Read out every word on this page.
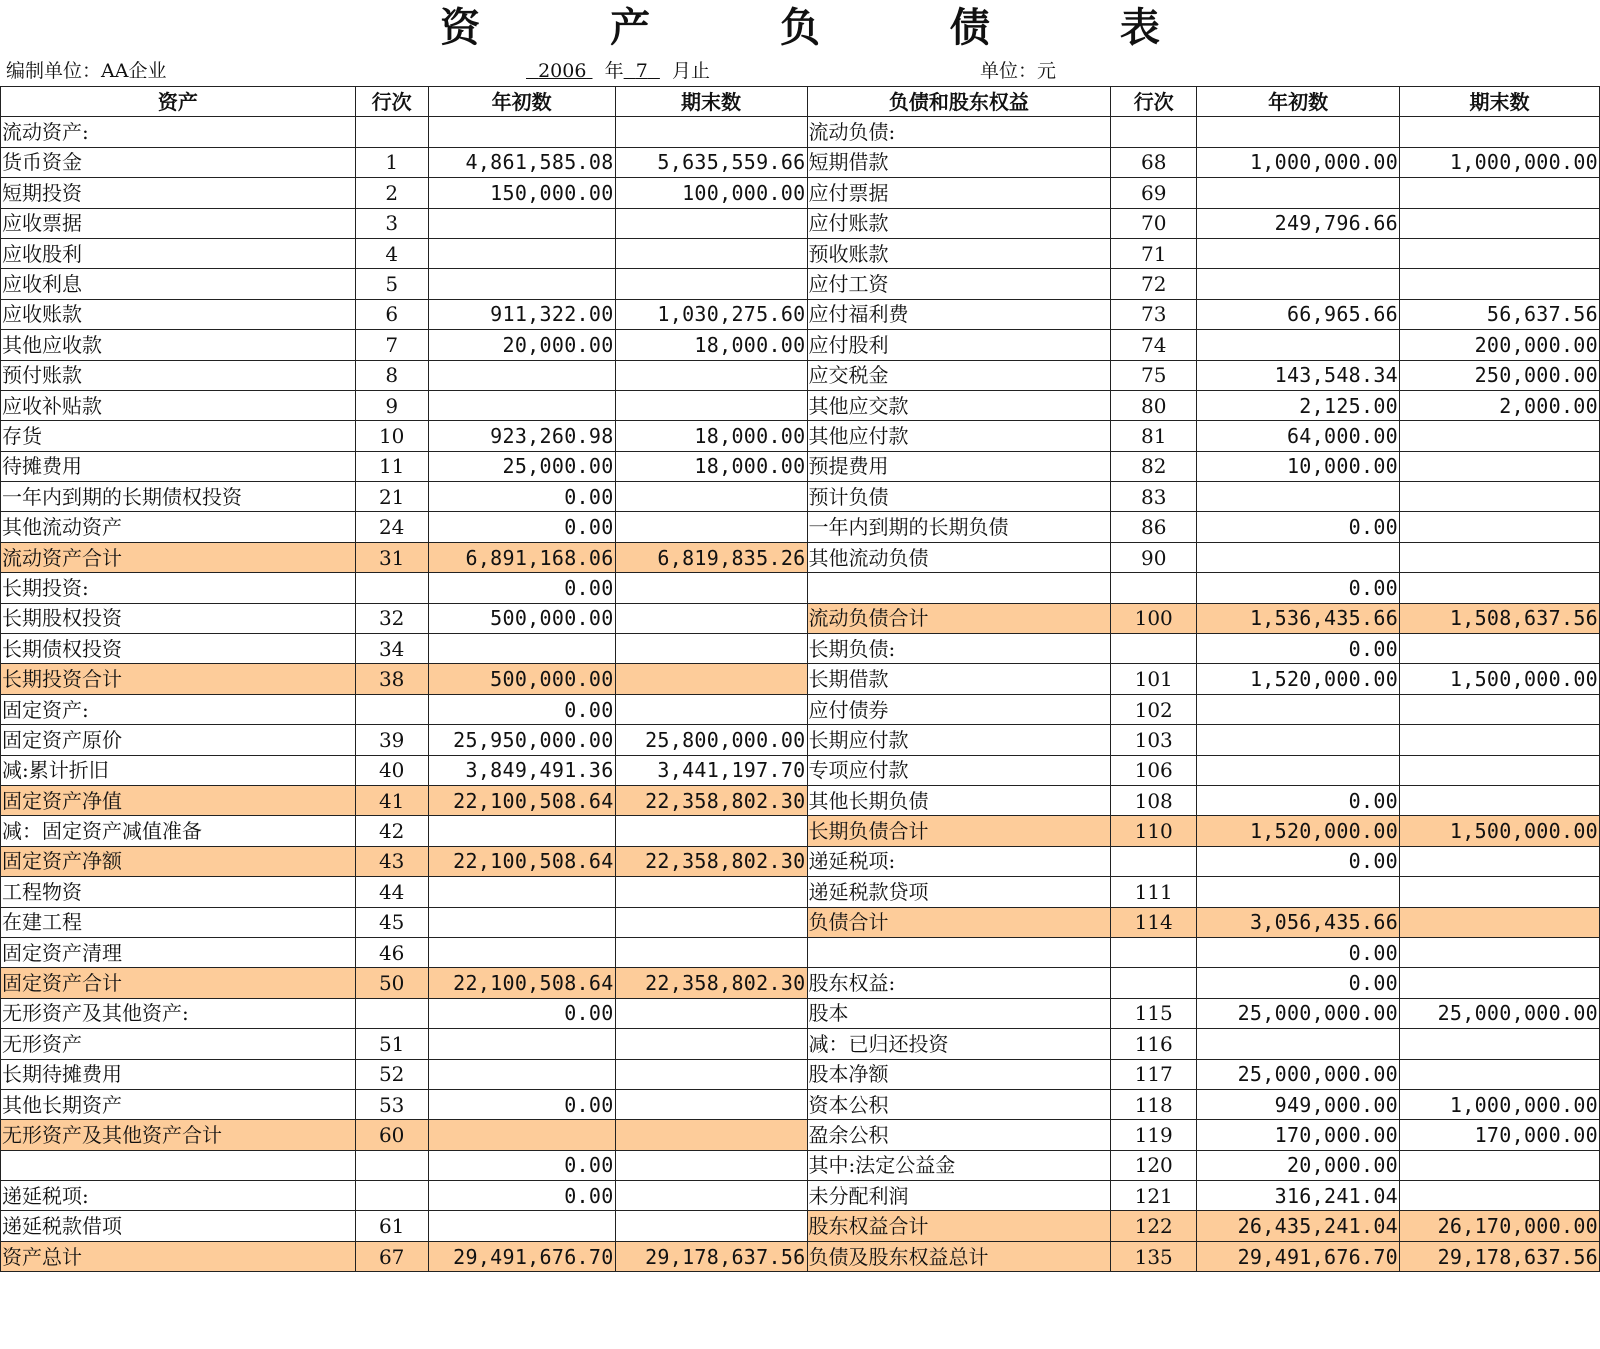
资 产 负 债 表
编制单位：AA企业	2006 年 7 月止	单位：元
资产	行次	年初数	期末数	负债和股东权益	行次	年初数	期末数
流动资产:				流动负债:			
货币资金	1	4,861,585.08	5,635,559.66	短期借款	68	1,000,000.00	1,000,000.00
短期投资	2	150,000.00	100,000.00	应付票据	69		
应收票据	3			应付账款	70	249,796.66	
应收股利	4			预收账款	71		
应收利息	5			应付工资	72		
应收账款	6	911,322.00	1,030,275.60	应付福利费	73	66,965.66	56,637.56
其他应收款	7	20,000.00	18,000.00	应付股利	74		200,000.00
预付账款	8			应交税金	75	143,548.34	250,000.00
应收补贴款	9			其他应交款	80	2,125.00	2,000.00
存货	10	923,260.98	18,000.00	其他应付款	81	64,000.00	
待摊费用	11	25,000.00	18,000.00	预提费用	82	10,000.00	
一年内到期的长期债权投资	21	0.00		预计负债	83		
其他流动资产	24	0.00		一年内到期的长期负债	86	0.00	
流动资产合计	31	6,891,168.06	6,819,835.26	其他流动负债	90		
长期投资:		0.00				0.00	
长期股权投资	32	500,000.00		流动负债合计	100	1,536,435.66	1,508,637.56
长期债权投资	34			长期负债:		0.00	
长期投资合计	38	500,000.00		长期借款	101	1,520,000.00	1,500,000.00
固定资产:		0.00		应付债券	102		
固定资产原价	39	25,950,000.00	25,800,000.00	长期应付款	103		
减:累计折旧	40	3,849,491.36	3,441,197.70	专项应付款	106		
固定资产净值	41	22,100,508.64	22,358,802.30	其他长期负债	108	0.00	
减：固定资产减值准备	42			长期负债合计	110	1,520,000.00	1,500,000.00
固定资产净额	43	22,100,508.64	22,358,802.30	递延税项:		0.00	
工程物资	44			递延税款贷项	111		
在建工程	45			负债合计	114	3,056,435.66	
固定资产清理	46					0.00	
固定资产合计	50	22,100,508.64	22,358,802.30	股东权益:		0.00	
无形资产及其他资产:		0.00		股本	115	25,000,000.00	25,000,000.00
无形资产	51			减：已归还投资	116		
长期待摊费用	52			股本净额	117	25,000,000.00	
其他长期资产	53	0.00		资本公积	118	949,000.00	1,000,000.00
无形资产及其他资产合计	60			盈余公积	119	170,000.00	170,000.00
		0.00		其中:法定公益金	120	20,000.00	
递延税项:		0.00		未分配利润	121	316,241.04	
递延税款借项	61			股东权益合计	122	26,435,241.04	26,170,000.00
资产总计	67	29,491,676.70	29,178,637.56	负债及股东权益总计	135	29,491,676.70	29,178,637.56
